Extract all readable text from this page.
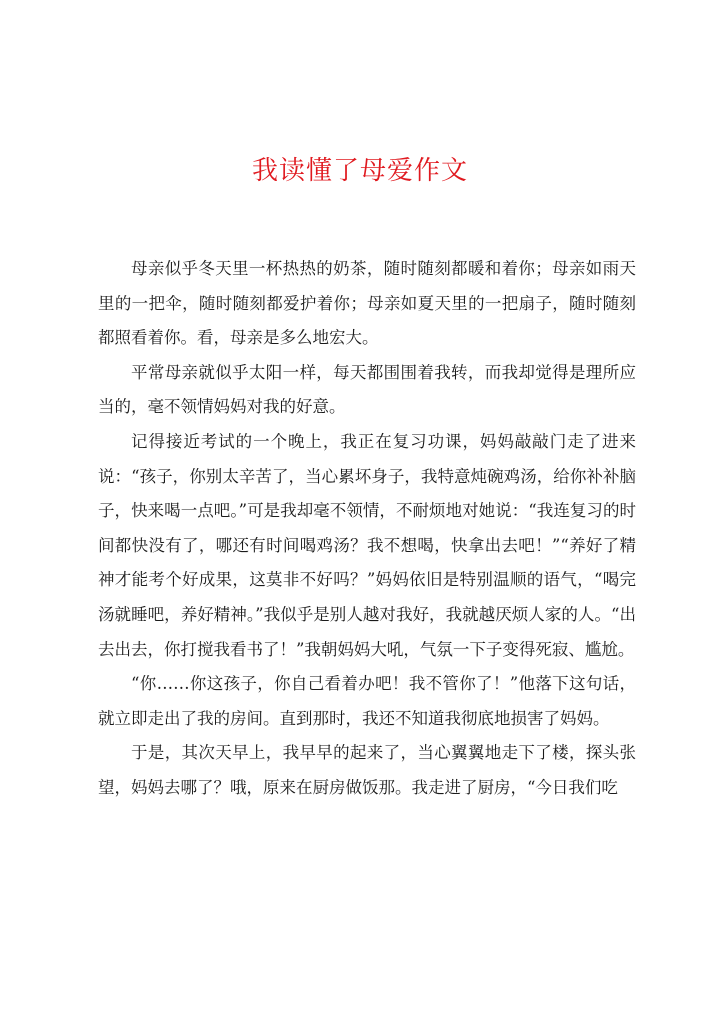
我读懂了母爱作文

母亲似乎冬天里一杯热热的奶茶，随时随刻都暖和着你；母亲如雨天里的一把伞，随时随刻都爱护着你；母亲如夏天里的一把扇子，随时随刻都照看着你。看，母亲是多么地宏大。

平常母亲就似乎太阳一样，每天都围围着我转，而我却觉得是理所应当的，毫不领情妈妈对我的好意。

记得接近考试的一个晚上，我正在复习功课，妈妈敲敲门走了进来说：“孩子，你别太辛苦了，当心累坏身子，我特意炖碗鸡汤，给你补补脑子，快来喝一点吧。”可是我却毫不领情，不耐烦地对她说：“我连复习的时间都快没有了，哪还有时间喝鸡汤？我不想喝，快拿出去吧！”“养好了精神才能考个好成果，这莫非不好吗？”妈妈依旧是特别温顺的语气，“喝完汤就睡吧，养好精神。”我似乎是别人越对我好，我就越厌烦人家的人。“出去出去，你打搅我看书了！”我朝妈妈大吼，气氛一下子变得死寂、尴尬。

“你……你这孩子，你自己看着办吧！我不管你了！”他落下这句话，就立即走出了我的房间。直到那时，我还不知道我彻底地损害了妈妈。

于是，其次天早上，我早早的起来了，当心翼翼地走下了楼，探头张望，妈妈去哪了？哦，原来在厨房做饭那。我走进了厨房，“今日我们吃
